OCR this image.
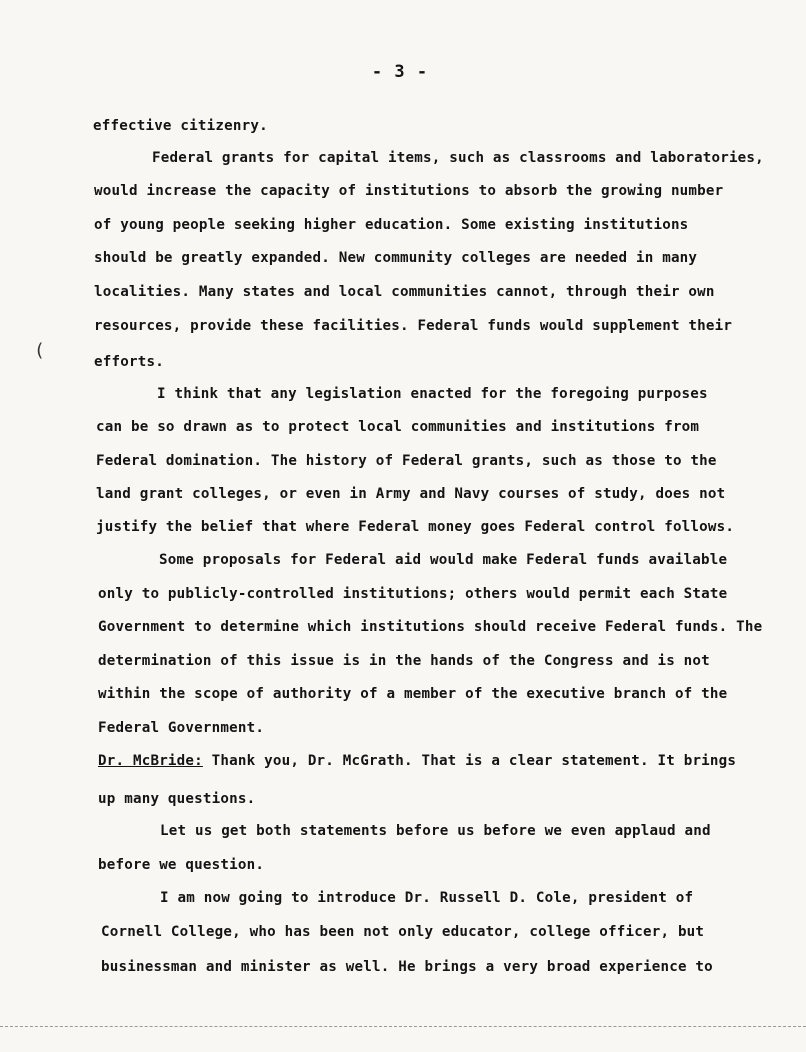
- 3 -
effective citizenry.
Federal grants for capital items, such as classrooms and laboratories,
would increase the capacity of institutions to absorb the growing number
of young people seeking higher education. Some existing institutions
should be greatly expanded. New community colleges are needed in many
localities. Many states and local communities cannot, through their own
resources, provide these facilities. Federal funds would supplement their
efforts.
(
I think that any legislation enacted for the foregoing purposes
can be so drawn as to protect local communities and institutions from
Federal domination. The history of Federal grants, such as those to the
land grant colleges, or even in Army and Navy courses of study, does not
justify the belief that where Federal money goes Federal control follows.
Some proposals for Federal aid would make Federal funds available
only to publicly-controlled institutions; others would permit each State
Government to determine which institutions should receive Federal funds. The
determination of this issue is in the hands of the Congress and is not
within the scope of authority of a member of the executive branch of the
Federal Government.
Dr. McBride: Thank you, Dr. McGrath. That is a clear statement. It brings
up many questions.
Let us get both statements before us before we even applaud and
before we question.
I am now going to introduce Dr. Russell D. Cole, president of
Cornell College, who has been not only educator, college officer, but
businessman and minister as well. He brings a very broad experience to
